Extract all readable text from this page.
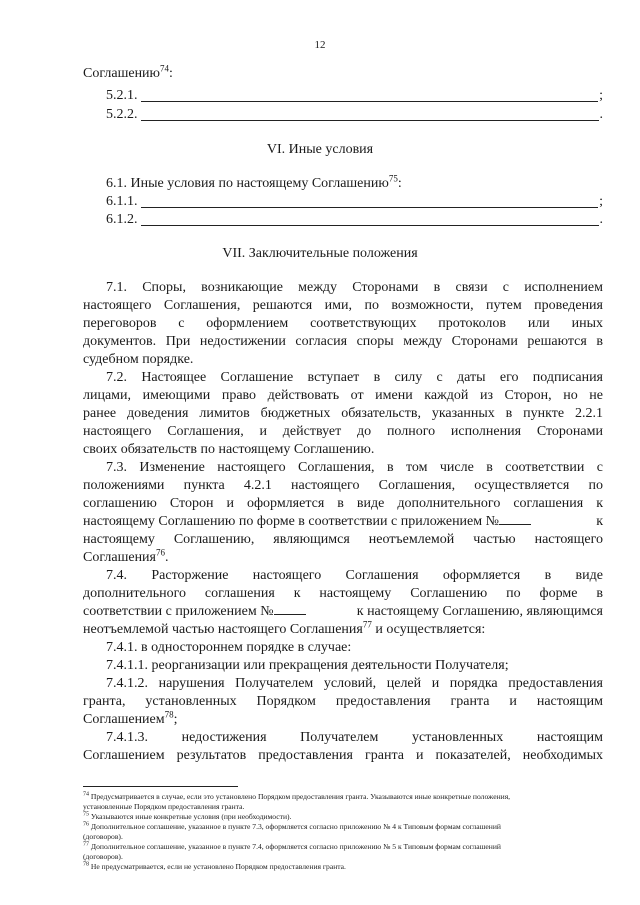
12
Соглашению$^{74}$:
5.2.1.	;
5.2.2.	.
VI. Иные условия
6.1. Иные условия по настоящему Соглашению$^{75}$:
6.1.1.	;
6.1.2.	.
VII. Заключительные положения
7.1. Споры, возникающие между Сторонами в связи с исполнением
настоящего Соглашения, решаются ими, по возможности, путем проведения
переговоров с оформлением соответствующих протоколов или иных
документов. При недостижении согласия споры между Сторонами решаются в
судебном порядке.
7.2. Настоящее Соглашение вступает в силу с даты его подписания
лицами, имеющими право действовать от имени каждой из Сторон, но не
ранее доведения лимитов бюджетных обязательств, указанных в пункте 2.2.1
настоящего Соглашения, и действует до полного исполнения Сторонами
своих обязательств по настоящему Соглашению.
7.3. Изменение настоящего Соглашения, в том числе в соответствии с
положениями пункта 4.2.1 настоящего Соглашения, осуществляется по
соглашению Сторон и оформляется в виде дополнительного соглашения к
настоящему Соглашению по форме в соответствии с приложением №	к
настоящему Соглашению, являющимся неотъемлемой частью настоящего
Соглашения$^{76}$.
7.4. Расторжение настоящего Соглашения оформляется в виде
дополнительного соглашения к настоящему Соглашению по форме в
соответствии с приложением №	к настоящему Соглашению, являющимся
неотъемлемой частью настоящего Соглашения$^{77}$ и осуществляется:
7.4.1. в одностороннем порядке в случае:
7.4.1.1. реорганизации или прекращения деятельности Получателя;
7.4.1.2. нарушения Получателем условий, целей и порядка предоставления
гранта, установленных Порядком предоставления гранта и настоящим
Соглашением$^{78}$;
7.4.1.3. недостижения Получателем установленных настоящим
Соглашением результатов предоставления гранта и показателей, необходимых
$^{74}$ Предусматривается в случае, если это установлено Порядком предоставления гранта. Указываются иные конкретные положения,
установленные Порядком предоставления гранта.
$^{75}$ Указываются иные конкретные условия (при необходимости).
$^{76}$ Дополнительное соглашение, указанное в пункте 7.3, оформляется согласно приложению № 4 к Типовым формам соглашений
(договоров).
$^{77}$ Дополнительное соглашение, указанное в пункте 7.4, оформляется согласно приложению № 5 к Типовым формам соглашений
(договоров).
$^{78}$ Не предусматривается, если не установлено Порядком предоставления гранта.
